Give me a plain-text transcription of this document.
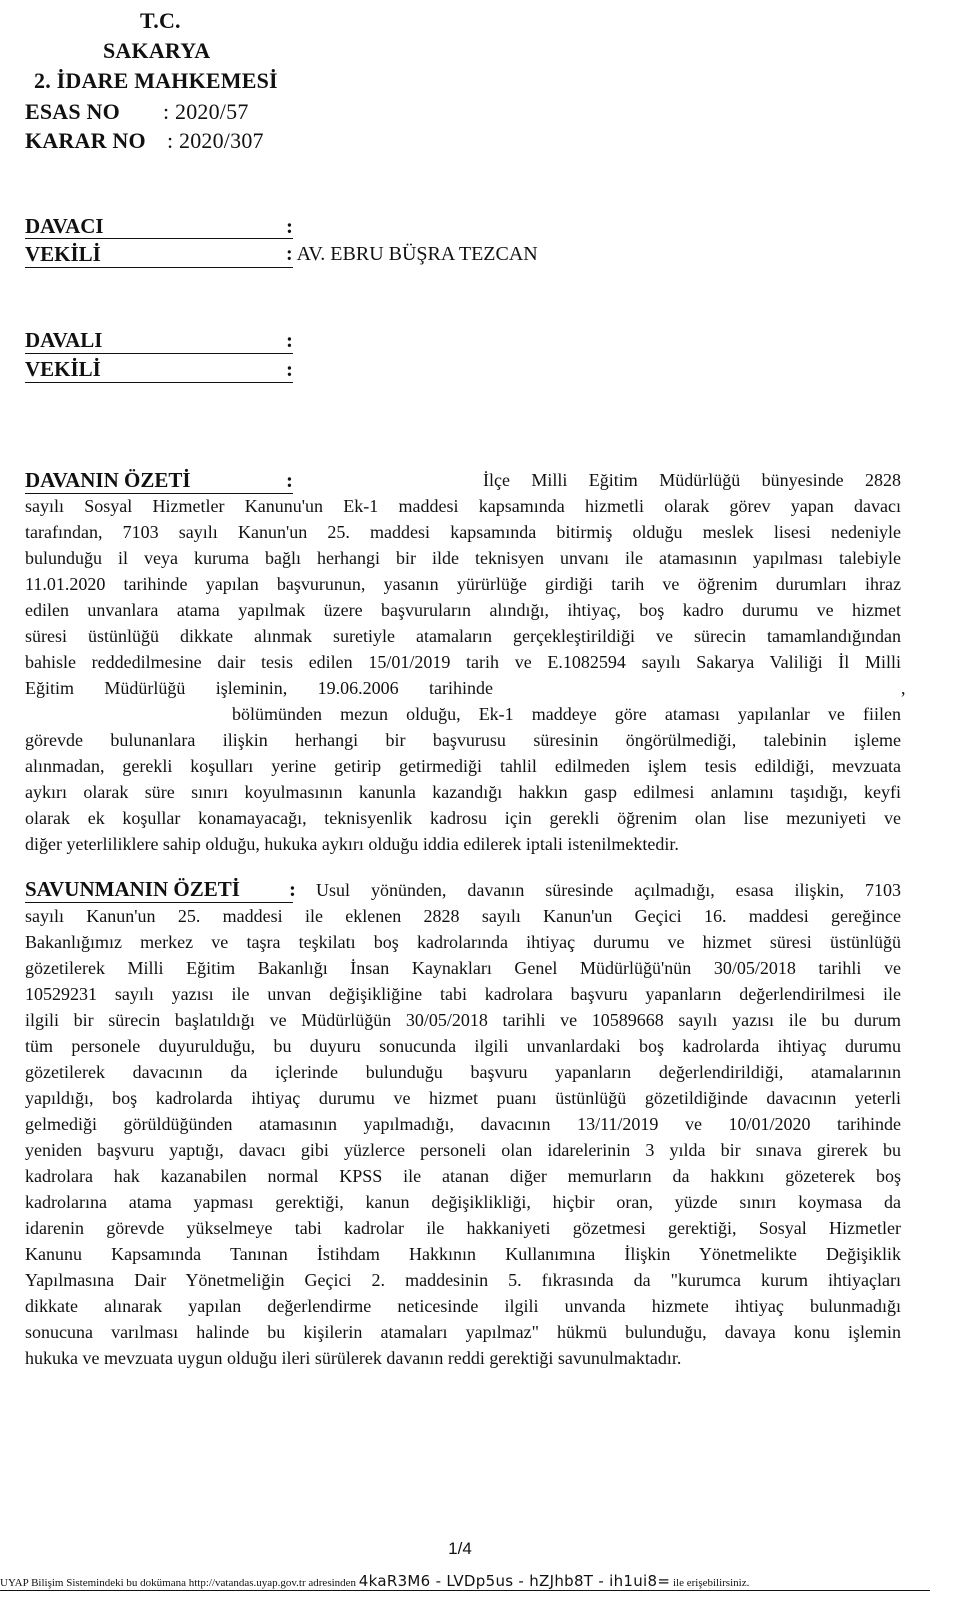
T.C.
SAKARYA
2. İDARE MAHKEMESİ
ESAS NO : 2020/57
KARAR NO : 2020/307
DAVACI	:
VEKİLİ	: AV. EBRU BÜŞRA TEZCAN
DAVALI	:
VEKİLİ	:
DAVANIN ÖZETİ	:	İlçe Milli Eğitim Müdürlüğü bünyesinde 2828
sayılı Sosyal Hizmetler Kanunu'un Ek-1 maddesi kapsamında hizmetli olarak görev yapan davacı
tarafından, 7103 sayılı Kanun'un 25. maddesi kapsamında bitirmiş olduğu meslek lisesi nedeniyle
bulunduğu il veya kuruma bağlı herhangi bir ilde teknisyen unvanı ile atamasının yapılması talebiyle
11.01.2020 tarihinde yapılan başvurunun, yasanın yürürlüğe girdiği tarih ve öğrenim durumları ihraz
edilen unvanlara atama yapılmak üzere başvuruların alındığı, ihtiyaç, boş kadro durumu ve hizmet
süresi üstünlüğü dikkate alınmak suretiyle atamaların gerçekleştirildiği ve sürecin tamamlandığından
bahisle reddedilmesine dair tesis edilen 15/01/2019 tarih ve E.1082594 sayılı Sakarya Valiliği İl Milli
Eğitim Müdürlüğü işleminin, 19.06.2006 tarihinde	,
bölümünden mezun olduğu, Ek-1 maddeye göre ataması yapılanlar ve fiilen
görevde bulunanlara ilişkin herhangi bir başvurusu süresinin öngörülmediği, talebinin işleme
alınmadan, gerekli koşulları yerine getirip getirmediği tahlil edilmeden işlem tesis edildiği, mevzuata
aykırı olarak süre sınırı koyulmasının kanunla kazandığı hakkın gasp edilmesi anlamını taşıdığı, keyfi
olarak ek koşullar konamayacağı, teknisyenlik kadrosu için gerekli öğrenim olan lise mezuniyeti ve
diğer yeterliliklere sahip olduğu, hukuka aykırı olduğu iddia edilerek iptali istenilmektedir.
SAVUNMANIN ÖZETİ : Usul yönünden, davanın süresinde açılmadığı, esasa ilişkin, 7103
sayılı Kanun'un 25. maddesi ile eklenen 2828 sayılı Kanun'un Geçici 16. maddesi gereğince
Bakanlığımız merkez ve taşra teşkilatı boş kadrolarında ihtiyaç durumu ve hizmet süresi üstünlüğü
gözetilerek Milli Eğitim Bakanlığı İnsan Kaynakları Genel Müdürlüğü'nün 30/05/2018 tarihli ve
10529231 sayılı yazısı ile unvan değişikliğine tabi kadrolara başvuru yapanların değerlendirilmesi ile
ilgili bir sürecin başlatıldığı ve Müdürlüğün 30/05/2018 tarihli ve 10589668 sayılı yazısı ile bu durum
tüm personele duyurulduğu, bu duyuru sonucunda ilgili unvanlardaki boş kadrolarda ihtiyaç durumu
gözetilerek davacının da içlerinde bulunduğu başvuru yapanların değerlendirildiği, atamalarının
yapıldığı, boş kadrolarda ihtiyaç durumu ve hizmet puanı üstünlüğü gözetildiğinde davacının yeterli
gelmediği görüldüğünden atamasının yapılmadığı, davacının 13/11/2019 ve 10/01/2020 tarihinde
yeniden başvuru yaptığı, davacı gibi yüzlerce personeli olan idarelerinin 3 yılda bir sınava girerek bu
kadrolara hak kazanabilen normal KPSS ile atanan diğer memurların da hakkını gözeterek boş
kadrolarına atama yapması gerektiği, kanun değişiklikliği, hiçbir oran, yüzde sınırı koymasa da
idarenin görevde yükselmeye tabi kadrolar ile hakkaniyeti gözetmesi gerektiği, Sosyal Hizmetler
Kanunu Kapsamında Tanınan İstihdam Hakkının Kullanımına İlişkin Yönetmelikte Değişiklik
Yapılmasına Dair Yönetmeliğin Geçici 2. maddesinin 5. fıkrasında da "kurumca kurum ihtiyaçları
dikkate alınarak yapılan değerlendirme neticesinde ilgili unvanda hizmete ihtiyaç bulunmadığı
sonucuna varılması halinde bu kişilerin atamaları yapılmaz" hükmü bulunduğu, davaya konu işlemin
hukuka ve mevzuata uygun olduğu ileri sürülerek davanın reddi gerektiği savunulmaktadır.
1/4
UYAP Bilişim Sistemindeki bu dokümana http://vatandas.uyap.gov.tr adresinden 4kaR3M6 - LVDp5us - hZJhb8T - ih1ui8= ile erişebilirsiniz.
